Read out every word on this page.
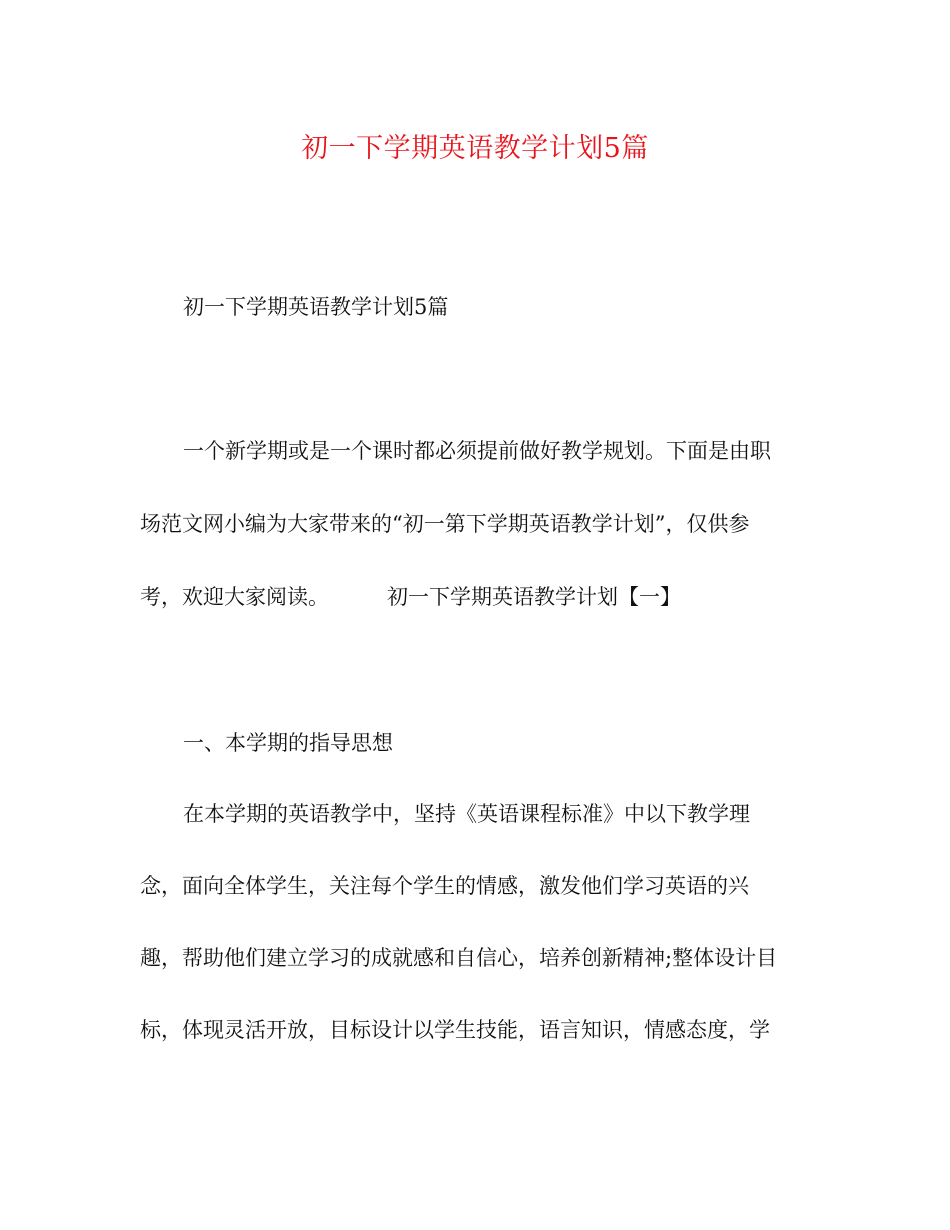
初一下学期英语教学计划5篇
初一下学期英语教学计划5篇
一个新学期或是一个课时都必须提前做好教学规划。下面是由职
场范文网小编为大家带来的“初一第下学期英语教学计划”，仅供参
考，欢迎大家阅读。	初一下学期英语教学计划【一】
一、本学期的指导思想
在本学期的英语教学中，坚持《英语课程标准》中以下教学理
念，面向全体学生，关注每个学生的情感，激发他们学习英语的兴
趣，帮助他们建立学习的成就感和自信心，培养创新精神;整体设计目
标，体现灵活开放，目标设计以学生技能，语言知识，情感态度，学
